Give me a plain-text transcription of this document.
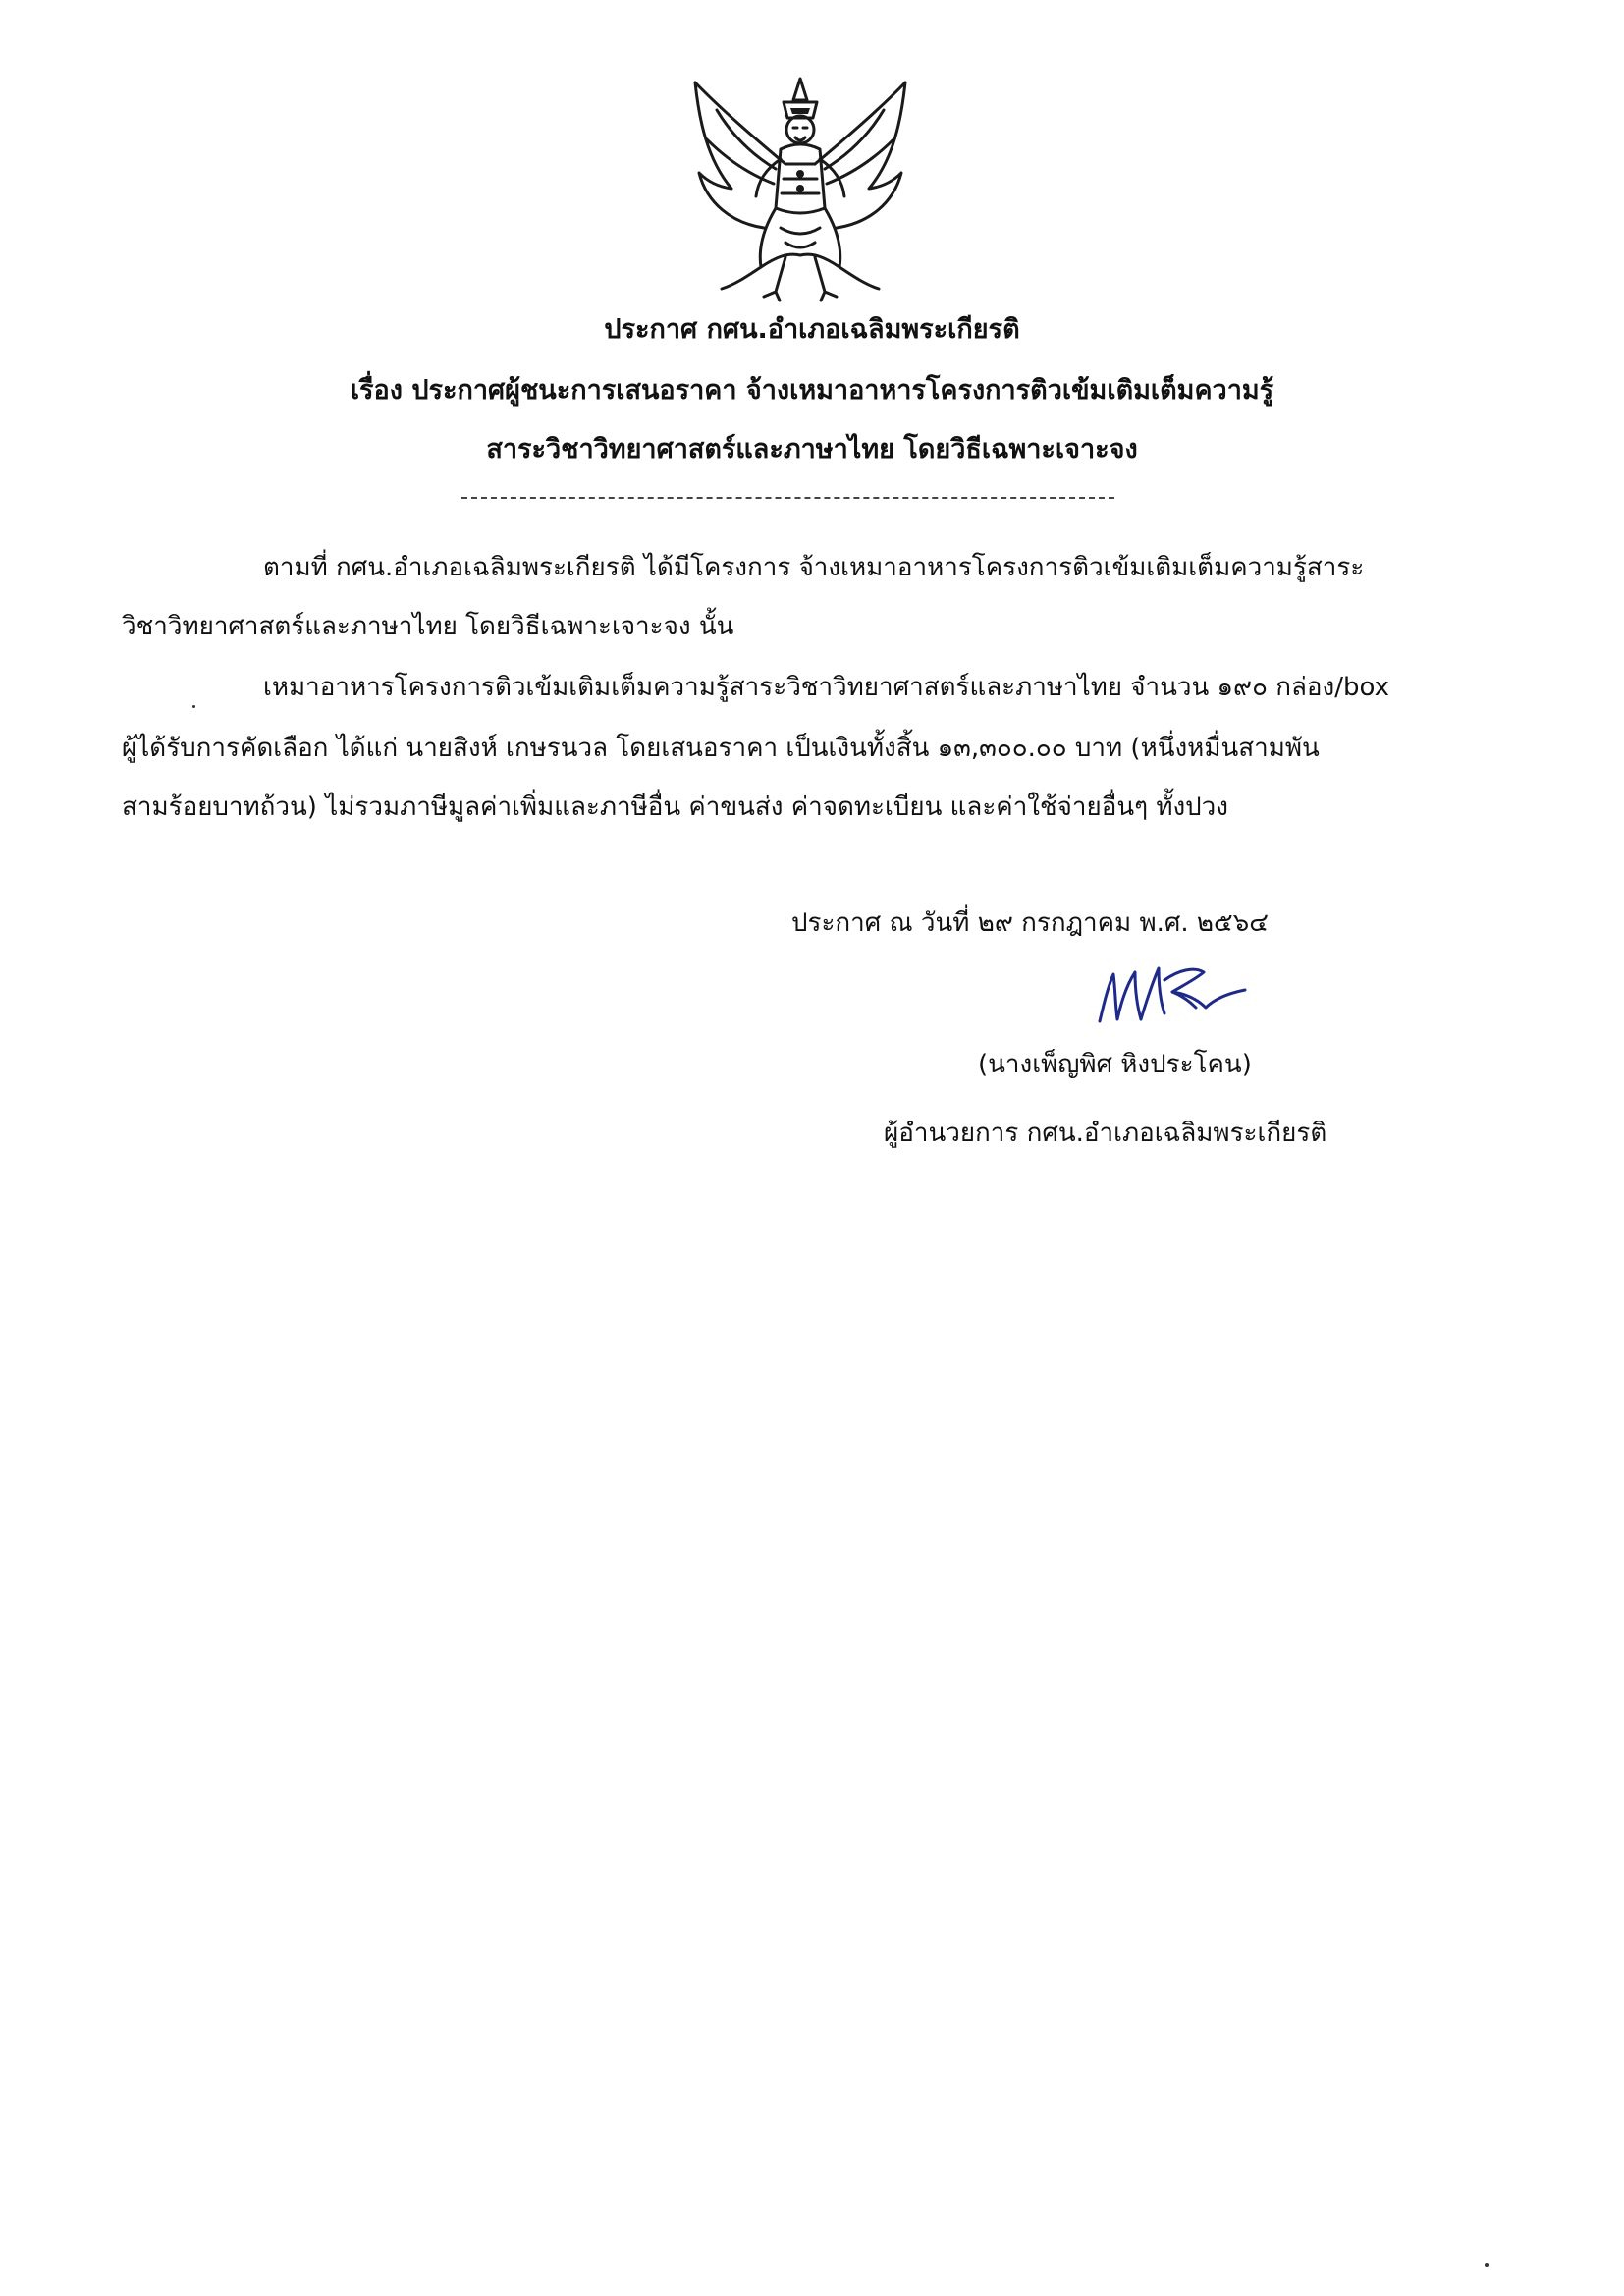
ประกาศ กศน.อำเภอเฉลิมพระเกียรติ
เรื่อง ประกาศผู้ชนะการเสนอราคา จ้างเหมาอาหารโครงการติวเข้มเติมเต็มความรู้
สาระวิชาวิทยาศาสตร์และภาษาไทย โดยวิธีเฉพาะเจาะจง
ตามที่ กศน.อำเภอเฉลิมพระเกียรติ ได้มีโครงการ จ้างเหมาอาหารโครงการติวเข้มเติมเต็มความรู้สาระ
วิชาวิทยาศาสตร์และภาษาไทย โดยวิธีเฉพาะเจาะจง นั้น
เหมาอาหารโครงการติวเข้มเติมเต็มความรู้สาระวิชาวิทยาศาสตร์และภาษาไทย จำนวน ๑๙๐ กล่อง/box
ผู้ได้รับการคัดเลือก ได้แก่ นายสิงห์ เกษรนวล โดยเสนอราคา เป็นเงินทั้งสิ้น ๑๓,๓๐๐.๐๐ บาท (หนึ่งหมื่นสามพัน
สามร้อยบาทถ้วน) ไม่รวมภาษีมูลค่าเพิ่มและภาษีอื่น ค่าขนส่ง ค่าจดทะเบียน และค่าใช้จ่ายอื่นๆ ทั้งปวง
ประกาศ ณ วันที่ ๒๙ กรกฎาคม พ.ศ. ๒๕๖๔
(นางเพ็ญพิศ หิงประโคน)
ผู้อำนวยการ กศน.อำเภอเฉลิมพระเกียรติ
